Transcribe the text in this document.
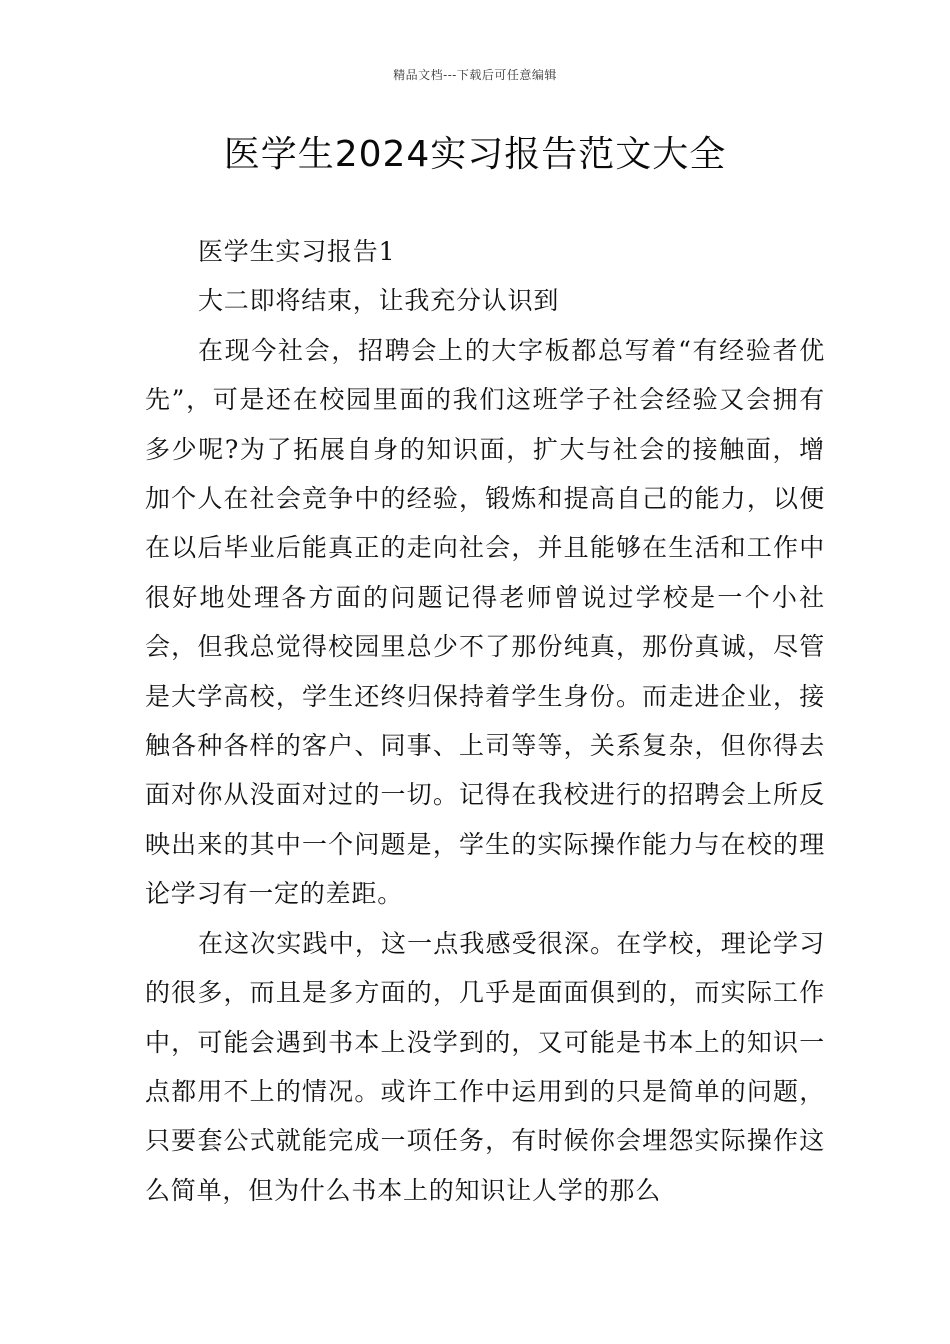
精品文档---下载后可任意编辑
医学生2024实习报告范文大全

医学生实习报告1

大二即将结束，让我充分认识到

在现今社会，招聘会上的大字板都总写着“有经验者优先”，可是还在校园里面的我们这班学子社会经验又会拥有多少呢?为了拓展自身的知识面，扩大与社会的接触面，增加个人在社会竞争中的经验，锻炼和提高自己的能力，以便在以后毕业后能真正的走向社会，并且能够在生活和工作中很好地处理各方面的问题记得老师曾说过学校是一个小社会，但我总觉得校园里总少不了那份纯真，那份真诚，尽管是大学高校，学生还终归保持着学生身份。而走进企业，接触各种各样的客户、同事、上司等等，关系复杂，但你得去面对你从没面对过的一切。记得在我校进行的招聘会上所反映出来的其中一个问题是，学生的实际操作能力与在校的理论学习有一定的差距。

在这次实践中，这一点我感受很深。在学校，理论学习的很多，而且是多方面的，几乎是面面俱到的，而实际工作中，可能会遇到书本上没学到的，又可能是书本上的知识一点都用不上的情况。或许工作中运用到的只是简单的问题，只要套公式就能完成一项任务，有时候你会埋怨实际操作这么简单，但为什么书本上的知识让人学的那么
